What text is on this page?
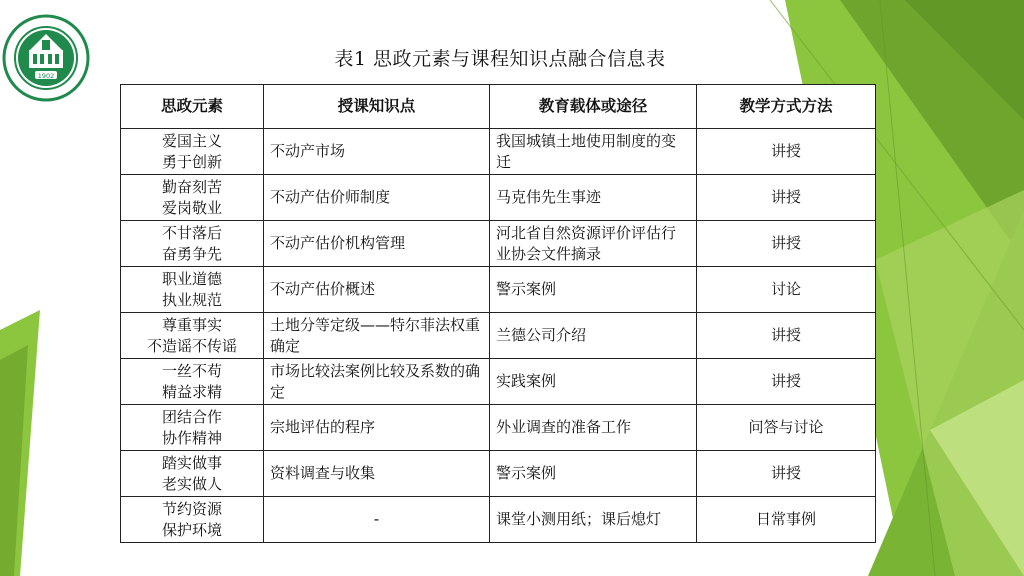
1902
表1 思政元素与课程知识点融合信息表
思政元素	授课知识点	教育载体或途径	教学方式方法

爱国主义
勇于创新	不动产市场	我国城镇土地使用制度的变迁	讲授

勤奋刻苦
爱岗敬业	不动产估价师制度	马克伟先生事迹	讲授

不甘落后
奋勇争先	不动产估价机构管理	河北省自然资源评价评估行业协会文件摘录	讲授

职业道德
执业规范	不动产估价概述	警示案例	讨论

尊重事实
不造谣不传谣	土地分等定级——特尔菲法权重确定	兰德公司介绍	讲授

一丝不苟
精益求精	市场比较法案例比较及系数的确定	实践案例	讲授

团结合作
协作精神	宗地评估的程序	外业调查的准备工作	问答与讨论

踏实做事
老实做人	资料调查与收集	警示案例	讲授

节约资源
保护环境	-	课堂小测用纸；课后熄灯	日常事例
